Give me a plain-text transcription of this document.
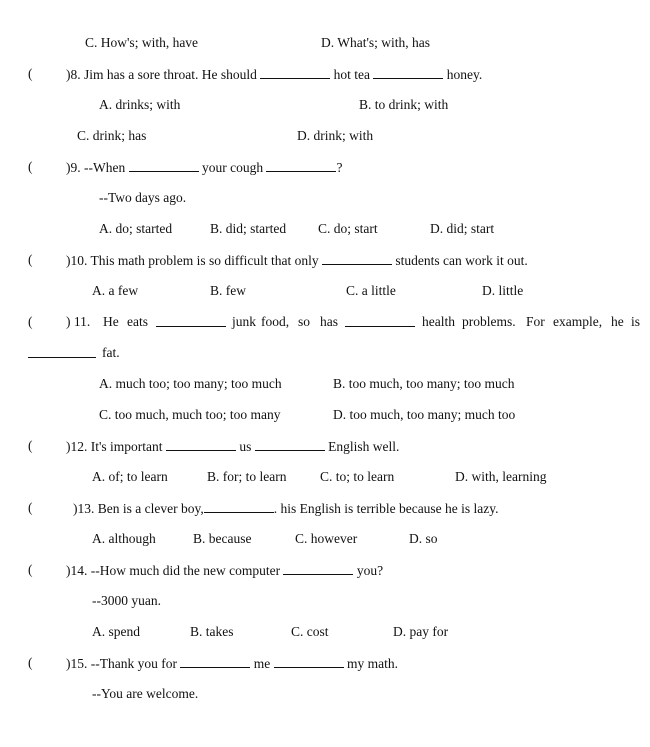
C. How's; with, have	D. What's; with, has
( )8. Jim has a sore throat. He should	hot tea	honey.
A. drinks; with	B. to drink; with
C. drink; has	D. drink; with
( )9. --When	your cough	?
--Two days ago.
A. do; started	B. did; started C. do; start	D. did; start
( )10. This math problem is so difficult that only	students can work it out.
A. a few	B. few	C. a little	D. little
( ) 11. He eats	junk food, so has	health problems. For example, he is
fat.
A. much too; too many; too much	B. too much, too many; too much
C. too much, much too; too many	D. too much, too many; much too
( )12. It's important	us	English well.
A. of; to learn	B. for; to learn C. to; to learn	D. with, learning
(	)13. Ben is a clever boy,	. his English is terrible because he is lazy.
A. although	B. because	C. however	D. so
( )14. --How much did the new computer	you?
--3000 yuan.
A. spend	B. takes	C. cost	D. pay for
( )15. --Thank you for	me	my math.
--You are welcome.
